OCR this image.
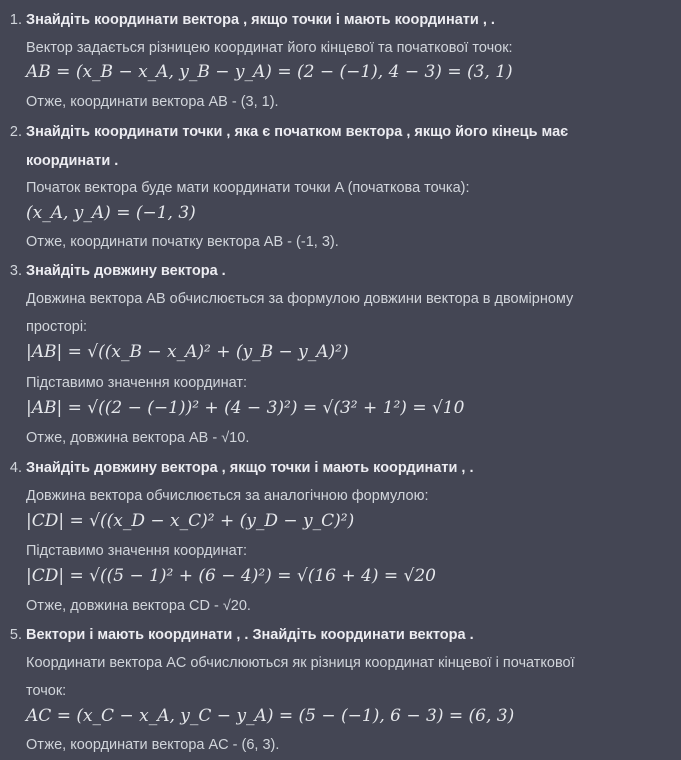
1. Знайдіть координати вектора , якщо точки і мають координати , .
Вектор задається різницею координат його кінцевої та початкової точок:
AB = (x_B − x_A, y_B − y_A) = (2 − (−1), 4 − 3) = (3, 1)
Отже, координати вектора AB - (3, 1).
2. Знайдіть координати точки , яка є початком вектора , якщо його кінець має
координати .
Початок вектора буде мати координати точки A (початкова точка):
(x_A, y_A) = (−1, 3)
Отже, координати початку вектора AB - (-1, 3).
3. Знайдіть довжину вектора .
Довжина вектора AB обчислюється за формулою довжини вектора в двомірному
просторі:
|AB| = √((x_B − x_A)² + (y_B − y_A)²)
Підставимо значення координат:
|AB| = √((2 − (−1))² + (4 − 3)²) = √(3² + 1²) = √10
Отже, довжина вектора AB - √10.
4. Знайдіть довжину вектора , якщо точки і мають координати , .
Довжина вектора обчислюється за аналогічною формулою:
|CD| = √((x_D − x_C)² + (y_D − y_C)²)
Підставимо значення координат:
|CD| = √((5 − 1)² + (6 − 4)²) = √(16 + 4) = √20
Отже, довжина вектора CD - √20.
5. Вектори і мають координати , . Знайдіть координати вектора .
Координати вектора AC обчислюються як різниця координат кінцевої і початкової
точок:
AC = (x_C − x_A, y_C − y_A) = (5 − (−1), 6 − 3) = (6, 3)
Отже, координати вектора AC - (6, 3).
